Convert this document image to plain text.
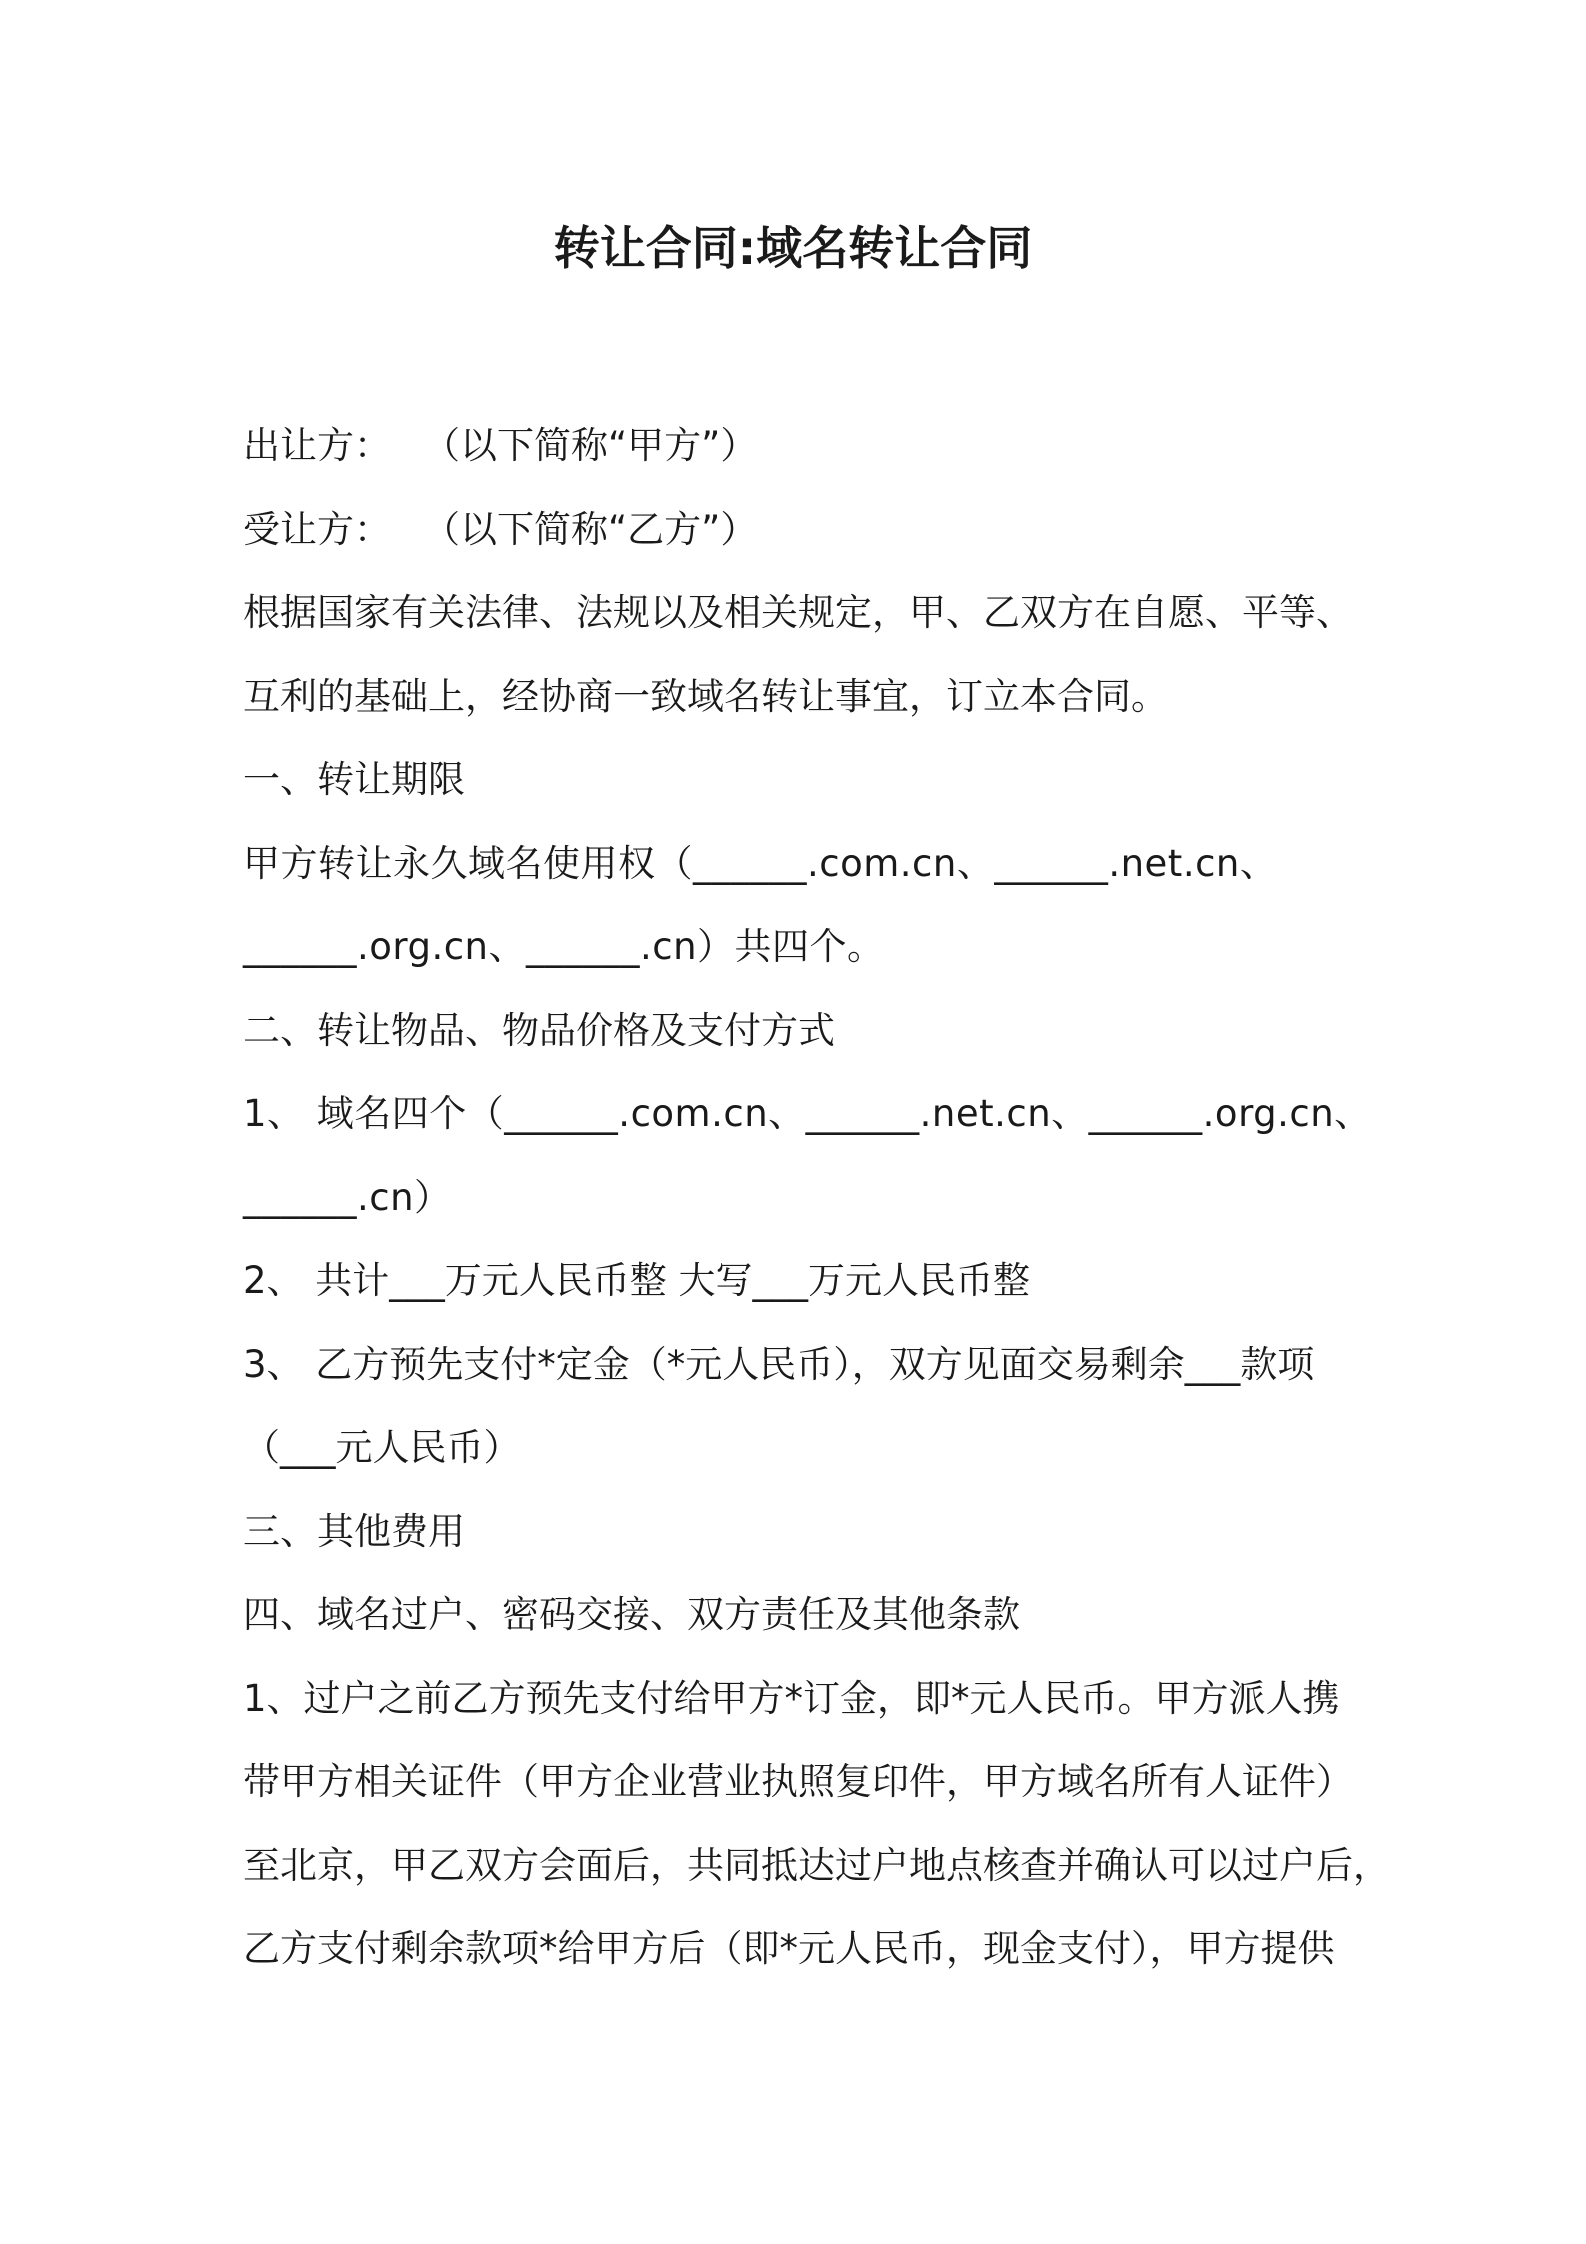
转让合同:域名转让合同
出让方： （以下简称“甲方”）
受让方： （以下简称“乙方”）
根据国家有关法律、法规以及相关规定，甲、乙双方在自愿、平等、
互利的基础上，经协商一致域名转让事宜，订立本合同。
一、转让期限
甲方转让永久域名使用权（______.com.cn、______.net.cn、
______.org.cn、______.cn）共四个。
二、转让物品、物品价格及支付方式
1、 域名四个（______.com.cn、______.net.cn、______.org.cn、
______.cn）
2、 共计___万元人民币整 大写___万元人民币整
3、 乙方预先支付*定金（*元人民币），双方见面交易剩余___款项
（___元人民币）
三、其他费用
四、域名过户、密码交接、双方责任及其他条款
1、过户之前乙方预先支付给甲方*订金，即*元人民币。甲方派人携
带甲方相关证件（甲方企业营业执照复印件，甲方域名所有人证件）
至北京，甲乙双方会面后，共同抵达过户地点核查并确认可以过户后，
乙方支付剩余款项*给甲方后（即*元人民币，现金支付），甲方提供
